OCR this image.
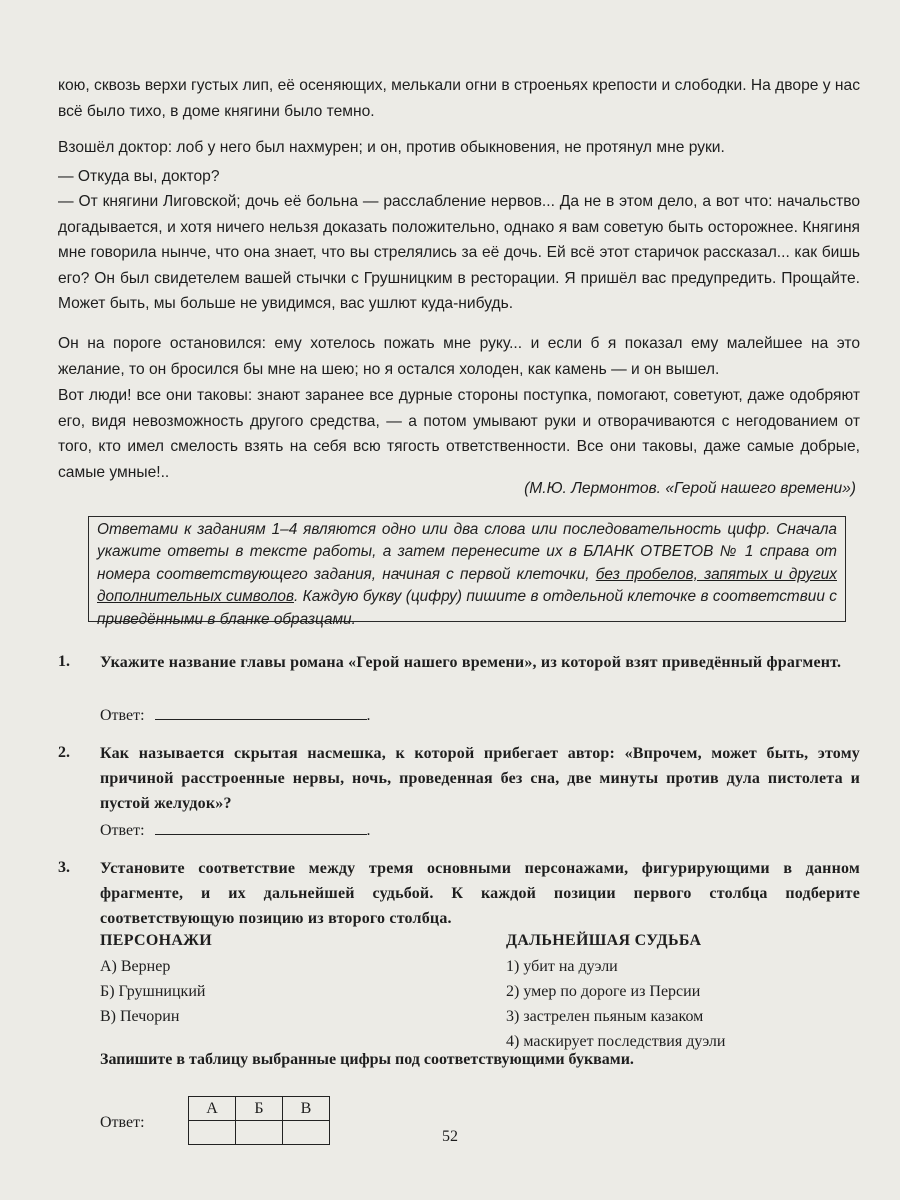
кою, сквозь верхи густых лип, её осеняющих, мелькали огни в строеньях крепости и слободки. На дворе у нас всё было тихо, в доме княгини было темно.

Взошёл доктор: лоб у него был нахмурен; и он, против обыкновения, не протянул мне руки.

— Откуда вы, доктор?

— От княгини Лиговской; дочь её больна — расслабление нервов... Да не в этом дело, а вот что: начальство догадывается, и хотя ничего нельзя доказать положительно, однако я вам советую быть осторожнее. Княгиня мне говорила нынче, что она знает, что вы стрелялись за её дочь. Ей всё этот старичок рассказал... как бишь его? Он был свидетелем вашей стычки с Грушницким в ресторации. Я пришёл вас предупредить. Прощайте. Может быть, мы больше не увидимся, вас ушлют куда-нибудь.

Он на пороге остановился: ему хотелось пожать мне руку... и если б я показал ему малейшее на это желание, то он бросился бы мне на шею; но я остался холоден, как камень — и он вышел.

Вот люди! все они таковы: знают заранее все дурные стороны поступка, помогают, советуют, даже одобряют его, видя невозможность другого средства, — а потом умывают руки и отворачиваются с негодованием от того, кто имел смелость взять на себя всю тягость ответственности. Все они таковы, даже самые добрые, самые умные!..

(М.Ю. Лермонтов. «Герой нашего времени»)
Ответами к заданиям 1–4 являются одно или два слова или последовательность цифр. Сначала укажите ответы в тексте работы, а затем перенесите их в БЛАНК ОТВЕТОВ № 1 справа от номера соответствующего задания, начиная с первой клеточки, без пробелов, запятых и других дополнительных символов. Каждую букву (цифру) пишите в отдельной клеточке в соответствии с приведёнными в бланке образцами.
1. Укажите название главы романа «Герой нашего времени», из которой взят приведённый фрагмент.
Ответ:	.
2. Как называется скрытая насмешка, к которой прибегает автор: «Впрочем, может быть, этому причиной расстроенные нервы, ночь, проведенная без сна, две минуты против дула пистолета и пустой желудок»?
Ответ:	.
3. Установите соответствие между тремя основными персонажами, фигурирующими в данном фрагменте, и их дальнейшей судьбой. К каждой позиции первого столбца подберите соответствующую позицию из второго столбца.
ПЕРСОНАЖИ
А) Вернер
Б) Грушницкий
В) Печорин
ДАЛЬНЕЙШАЯ СУДЬБА
1) убит на дуэли
2) умер по дороге из Персии
3) застрелен пьяным казаком
4) маскирует последствия дуэли
Запишите в таблицу выбранные цифры под соответствующими буквами.
Ответ:
А	Б	В

52
